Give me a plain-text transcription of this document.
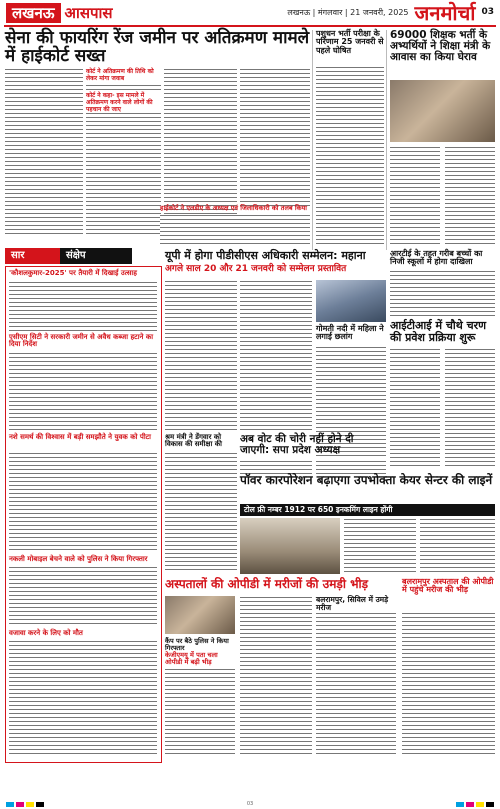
लखनऊ आसपास	लखनऊ | मंगलवार | 21 जनवरी, 2025 जनमोर्चा 03
सेना की फायरिंग रेंज जमीन पर अतिक्रमण मामले में हाईकोर्ट सख्त
कोर्ट ने अतिक्रमण की तिथि को लेकर मांगा जवाब
कोर्ट ने कहा- इस मामले में अतिक्रमण करने वाले लोगों की पहचान की जाए
हाईकोर्ट ने एलडीए के अध्यक्ष एवं जिलाधिकारी को तलब किया
पशुधन भर्ती परीक्षा के परिणाम 25 जनवरी से पहले घोषित
69000 शिक्षक भर्ती के अभ्यर्थियों ने शिक्षा मंत्री के आवास का किया घेराव
सार	संक्षेप
'कौशलकुमार-2025' पर तैयारी में दिखाई उत्साह
एसीएम सिटी ने सरकारी जमीन से अवैध कब्जा हटाने का दिया निर्देश
नशे समर्थ की विश्वास में बड़ी समझौते ने युवक को पीटा
नकली मोबाइल बेचने वाले को पुलिस ने किया गिरफ्तार
वजावा करने के लिए को मौत
यूपी में होगा पीडीसीएस अधिकारी सम्मेलन: महाना
अगले साल 20 और 21 जनवरी को सम्मेलन प्रस्तावित
गोमती नदी में महिला ने लगाई छलांग
आरटीई के तहत गरीब बच्चों का निजी स्कूलों में होगा दाखिला
आईटीआई में चौथे चरण की प्रवेश प्रक्रिया शुरू
श्रम मंत्री ने डेंगवार को विकास की समीक्षा की	अब वोट की चोरी नहीं होने दी जाएगी: सपा प्रदेश अध्यक्ष
पॉवर कारपोरेशन बढ़ाएगा उपभोक्ता केयर सेन्टर की लाइनें
टोल फ्री नम्बर 1912 पर 650 इनकमिंग लाइन होंगी
अस्पतालों की ओपीडी में मरीजों की उमड़ी भीड़
कैंप पर बैठे पुलिस ने किया गिरफ्तार
केजीएमयू में पता चला ओपीडी में बढ़ी भीड़
बलरामपुर, सिविल में उमड़े मरीज
बलरामपुर अस्पताल की ओपीडी में पहुंचे मरीज की भीड़
03
